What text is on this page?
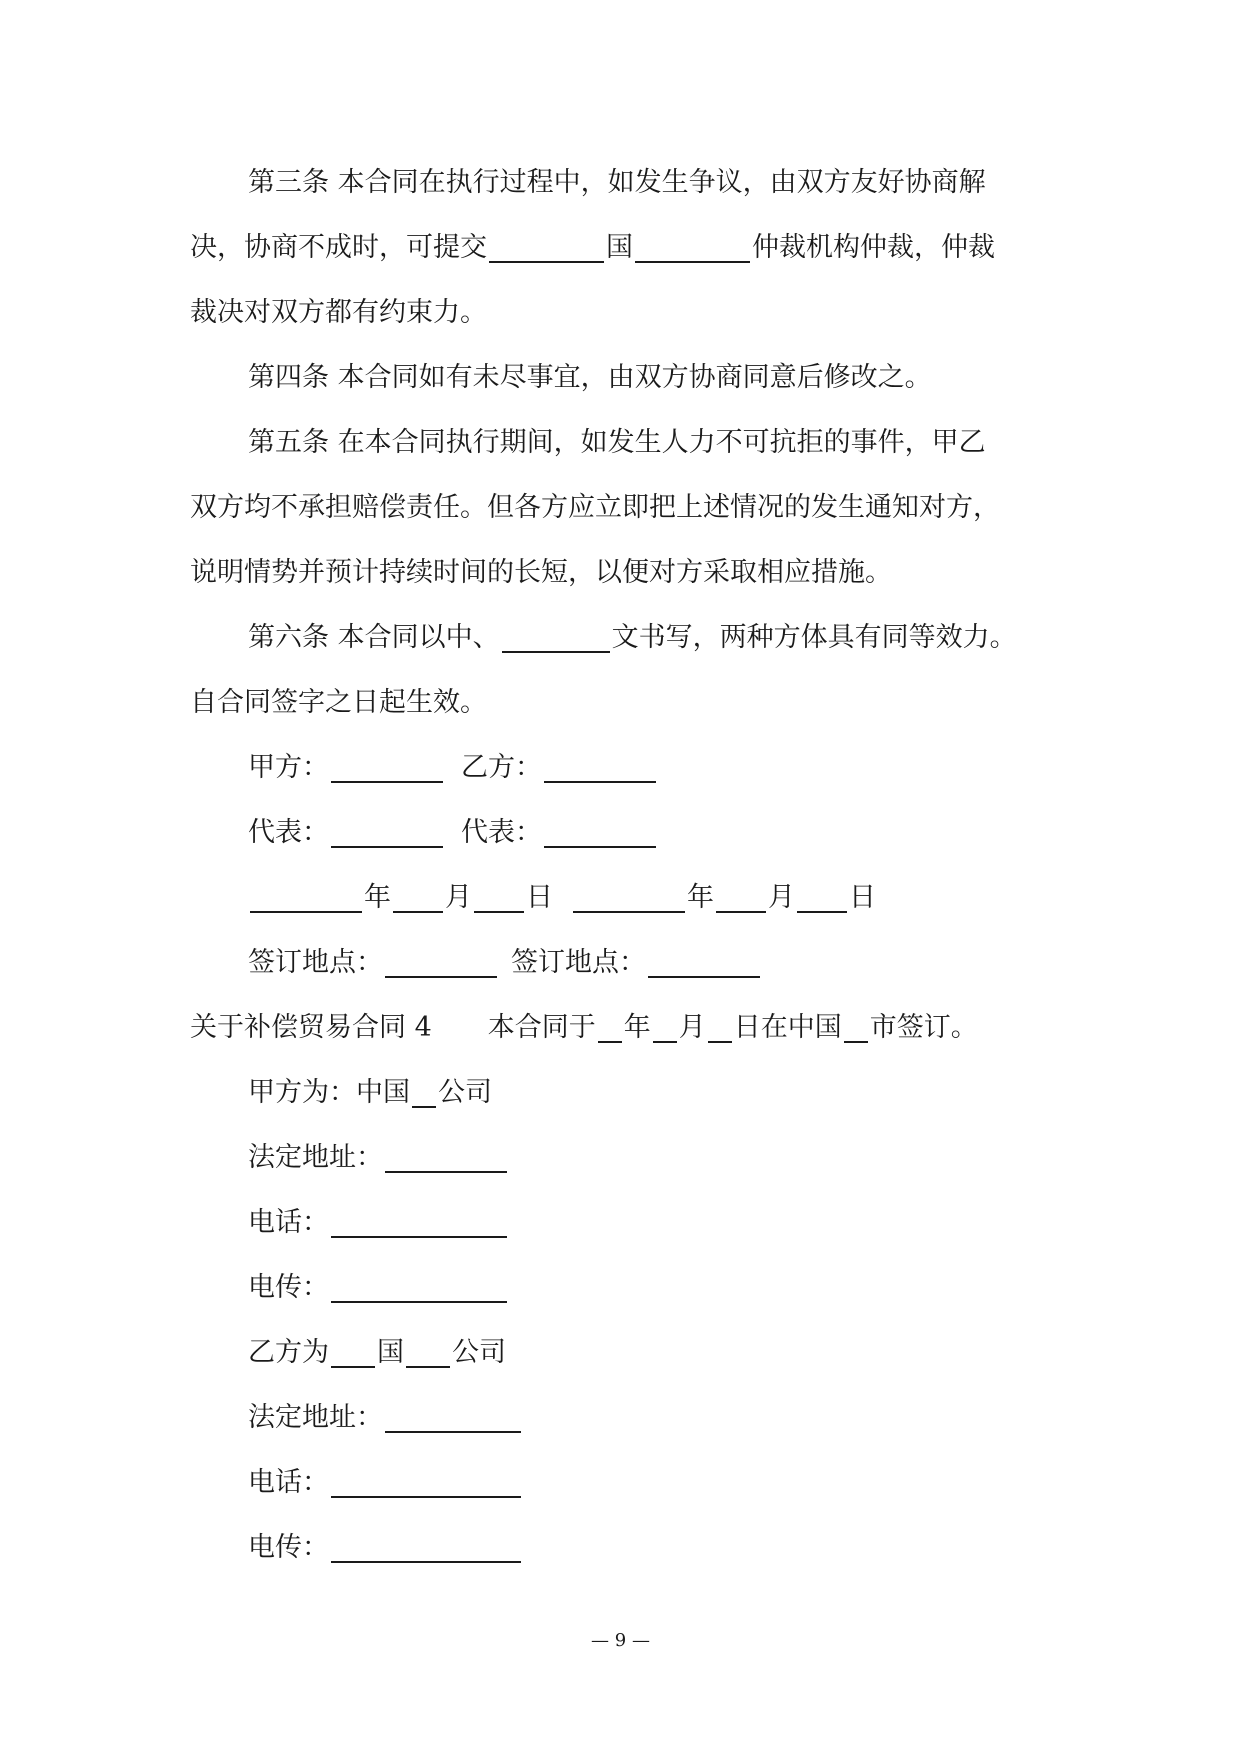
第三条 本合同在执行过程中，如发生争议，由双方友好协商解

决，协商不成时，可提交	国	仲裁机构仲裁，仲裁

裁决对双方都有约束力。

第四条 本合同如有未尽事宜，由双方协商同意后修改之。

第五条 在本合同执行期间，如发生人力不可抗拒的事件，甲乙

双方均不承担赔偿责任。但各方应立即把上述情况的发生通知对方，

说明情势并预计持续时间的长短，以便对方采取相应措施。

第六条 本合同以中、	文书写，两种方体具有同等效力。

自合同签字之日起生效。

甲方：	乙方：

代表：	代表：

年 月 日	年 月 日

签订地点：	签订地点：

关于补偿贸易合同 4 本合同于 年 月 日在中国 市签订。

甲方为：中国 公司

法定地址：

电话：

电传：

乙方为 国 公司

法定地址：

电话：

电传：

— 9 —
